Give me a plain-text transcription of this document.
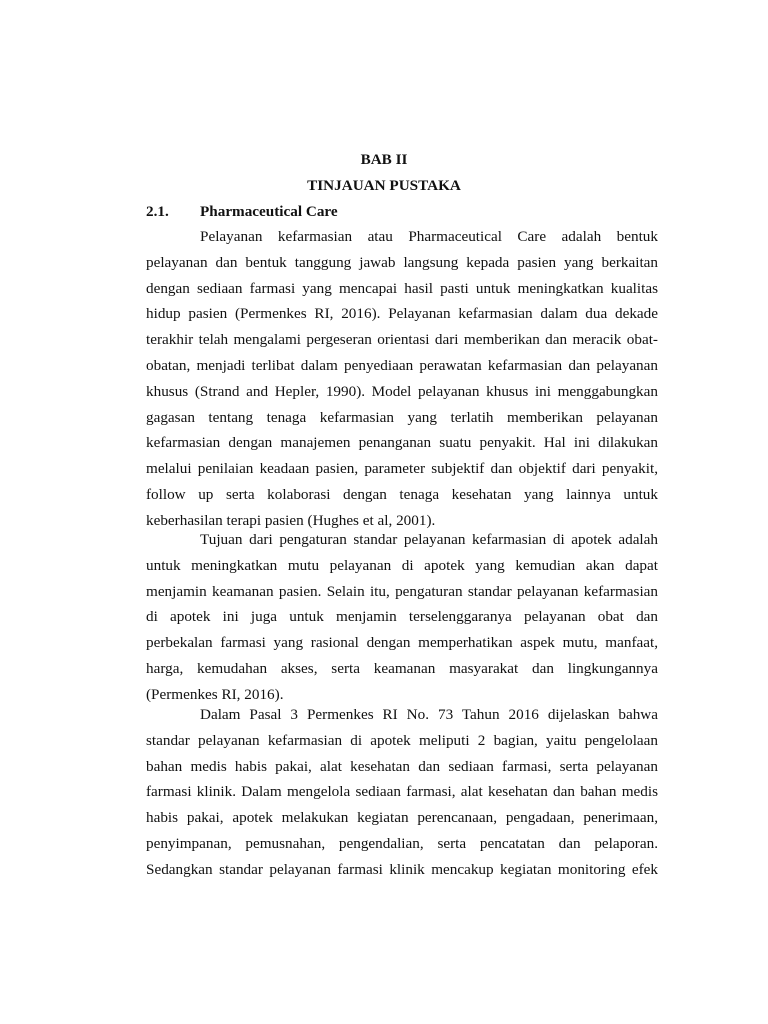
BAB II
TINJAUAN PUSTAKA
2.1. Pharmaceutical Care
Pelayanan kefarmasian atau Pharmaceutical Care adalah bentuk
pelayanan dan bentuk tanggung jawab langsung kepada pasien yang berkaitan
dengan sediaan farmasi yang mencapai hasil pasti untuk meningkatkan kualitas
hidup pasien (Permenkes RI, 2016). Pelayanan kefarmasian dalam dua dekade
terakhir telah mengalami pergeseran orientasi dari memberikan dan meracik obat-
obatan, menjadi terlibat dalam penyediaan perawatan kefarmasian dan pelayanan
khusus (Strand and Hepler, 1990). Model pelayanan khusus ini menggabungkan
gagasan tentang tenaga kefarmasian yang terlatih memberikan pelayanan
kefarmasian dengan manajemen penanganan suatu penyakit. Hal ini dilakukan
melalui penilaian keadaan pasien, parameter subjektif dan objektif dari penyakit,
follow up serta kolaborasi dengan tenaga kesehatan yang lainnya untuk
keberhasilan terapi pasien (Hughes et al, 2001).
Tujuan dari pengaturan standar pelayanan kefarmasian di apotek adalah
untuk meningkatkan mutu pelayanan di apotek yang kemudian akan dapat
menjamin keamanan pasien. Selain itu, pengaturan standar pelayanan kefarmasian
di apotek ini juga untuk menjamin terselenggaranya pelayanan obat dan
perbekalan farmasi yang rasional dengan memperhatikan aspek mutu, manfaat,
harga, kemudahan akses, serta keamanan masyarakat dan lingkungannya
(Permenkes RI, 2016).
Dalam Pasal 3 Permenkes RI No. 73 Tahun 2016 dijelaskan bahwa
standar pelayanan kefarmasian di apotek meliputi 2 bagian, yaitu pengelolaan
bahan medis habis pakai, alat kesehatan dan sediaan farmasi, serta pelayanan
farmasi klinik. Dalam mengelola sediaan farmasi, alat kesehatan dan bahan medis
habis pakai, apotek melakukan kegiatan perencanaan, pengadaan, penerimaan,
penyimpanan, pemusnahan, pengendalian, serta pencatatan dan pelaporan.
Sedangkan standar pelayanan farmasi klinik mencakup kegiatan monitoring efek
